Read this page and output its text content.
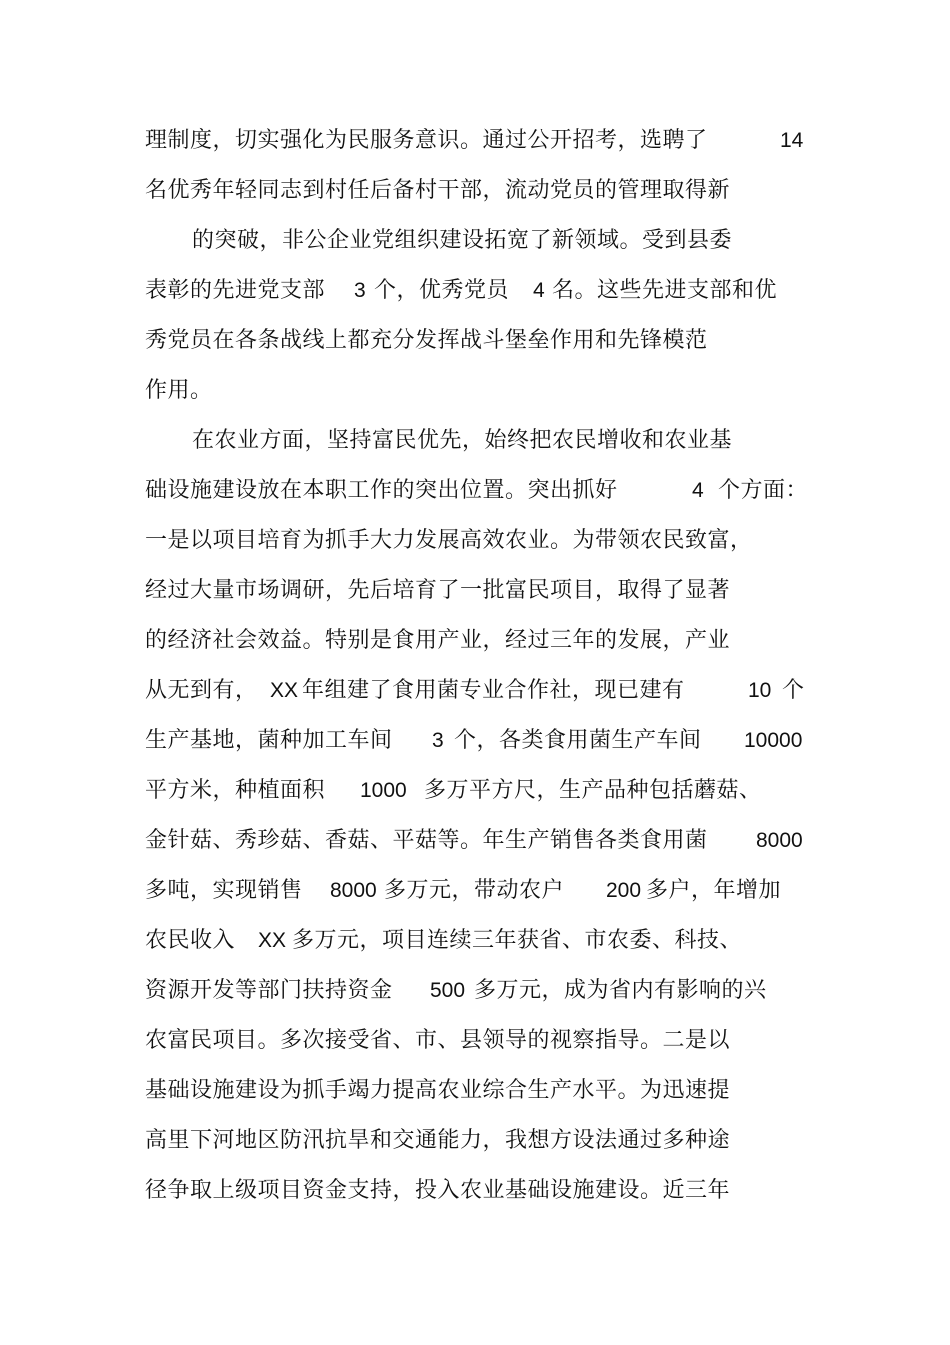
理制度，切实强化为民服务意识。通过公开招考，选聘了	14
名优秀年轻同志到村任后备村干部，流动党员的管理取得新
的突破，非公企业党组织建设拓宽了新领域。受到县委
表彰的先进党支部 3 个，优秀党员 4 名。这些先进支部和优
秀党员在各条战线上都充分发挥战斗堡垒作用和先锋模范
作用。
在农业方面，坚持富民优先，始终把农民增收和农业基
础设施建设放在本职工作的突出位置。突出抓好	4 个方面：
一是以项目培育为抓手大力发展高效农业。为带领农民致富，
经过大量市场调研，先后培育了一批富民项目，取得了显著
的经济社会效益。特别是食用产业，经过三年的发展，产业
从无到有， XX 年组建了食用菌专业合作社，现已建有	10 个
生产基地，菌种加工车间 3 个，各类食用菌生产车间 10000
平方米，种植面积 1000 多万平方尺，生产品种包括蘑菇、
金针菇、秀珍菇、香菇、平菇等。年生产销售各类食用菌 8000
多吨，实现销售 8000 多万元，带动农户 200 多户，年增加
农民收入 XX 多万元，项目连续三年获省、市农委、科技、
资源开发等部门扶持资金 500 多万元，成为省内有影响的兴
农富民项目。多次接受省、市、县领导的视察指导。二是以
基础设施建设为抓手竭力提高农业综合生产水平。为迅速提
高里下河地区防汛抗旱和交通能力，我想方设法通过多种途
径争取上级项目资金支持，投入农业基础设施建设。近三年
